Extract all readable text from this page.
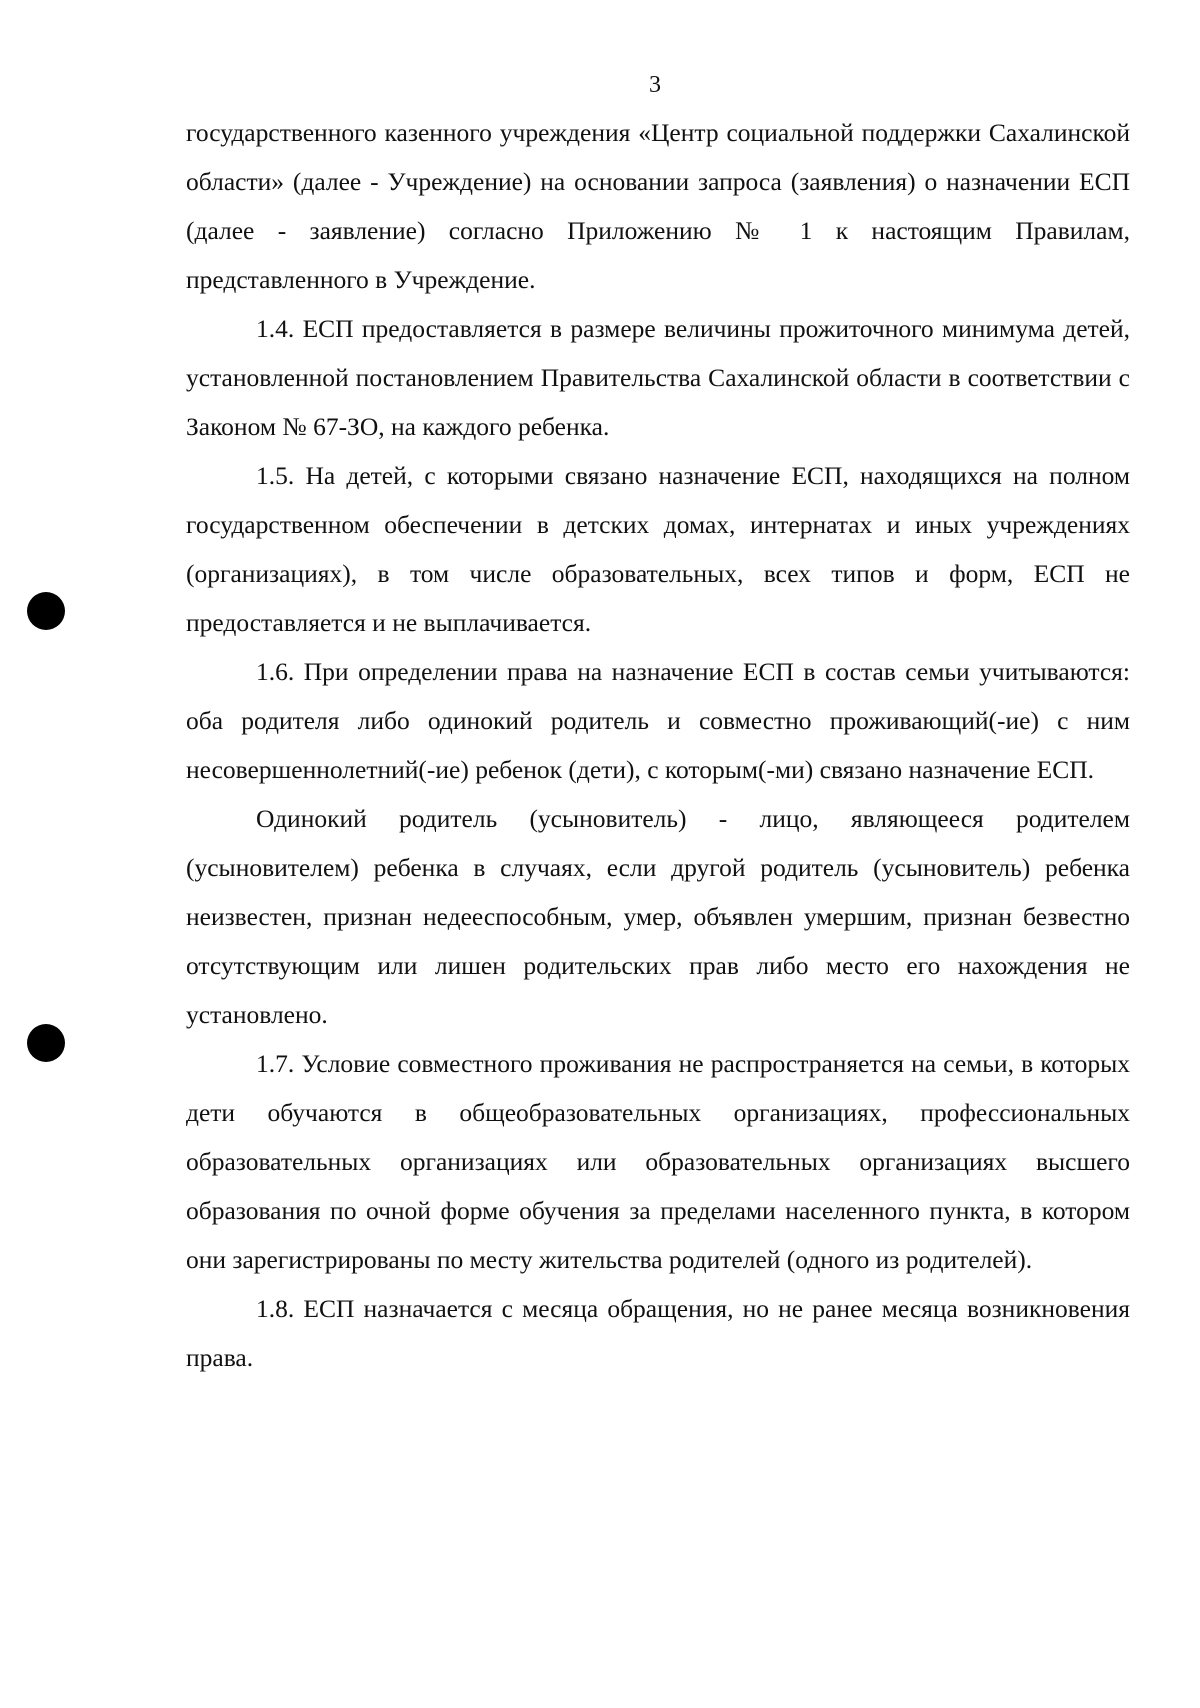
3

государственного казенного учреждения «Центр социальной поддержки Сахалинской области» (далее - Учреждение) на основании запроса (заявления) о назначении ЕСП (далее - заявление) согласно Приложению № 1 к настоящим Правилам, представленного в Учреждение.

1.4. ЕСП предоставляется в размере величины прожиточного минимума детей, установленной постановлением Правительства Сахалинской области в соответствии с Законом № 67-ЗО, на каждого ребенка.

1.5. На детей, с которыми связано назначение ЕСП, находящихся на полном государственном обеспечении в детских домах, интернатах и иных учреждениях (организациях), в том числе образовательных, всех типов и форм, ЕСП не предоставляется и не выплачивается.

1.6. При определении права на назначение ЕСП в состав семьи учитываются: оба родителя либо одинокий родитель и совместно проживающий(-ие) с ним несовершеннолетний(-ие) ребенок (дети), с которым(-ми) связано назначение ЕСП.

Одинокий родитель (усыновитель) - лицо, являющееся родителем (усыновителем) ребенка в случаях, если другой родитель (усыновитель) ребенка неизвестен, признан недееспособным, умер, объявлен умершим, признан безвестно отсутствующим или лишен родительских прав либо место его нахождения не установлено.

1.7. Условие совместного проживания не распространяется на семьи, в которых дети обучаются в общеобразовательных организациях, профессиональных образовательных организациях или образовательных организациях высшего образования по очной форме обучения за пределами населенного пункта, в котором они зарегистрированы по месту жительства родителей (одного из родителей).

1.8. ЕСП назначается с месяца обращения, но не ранее месяца возникновения права.
